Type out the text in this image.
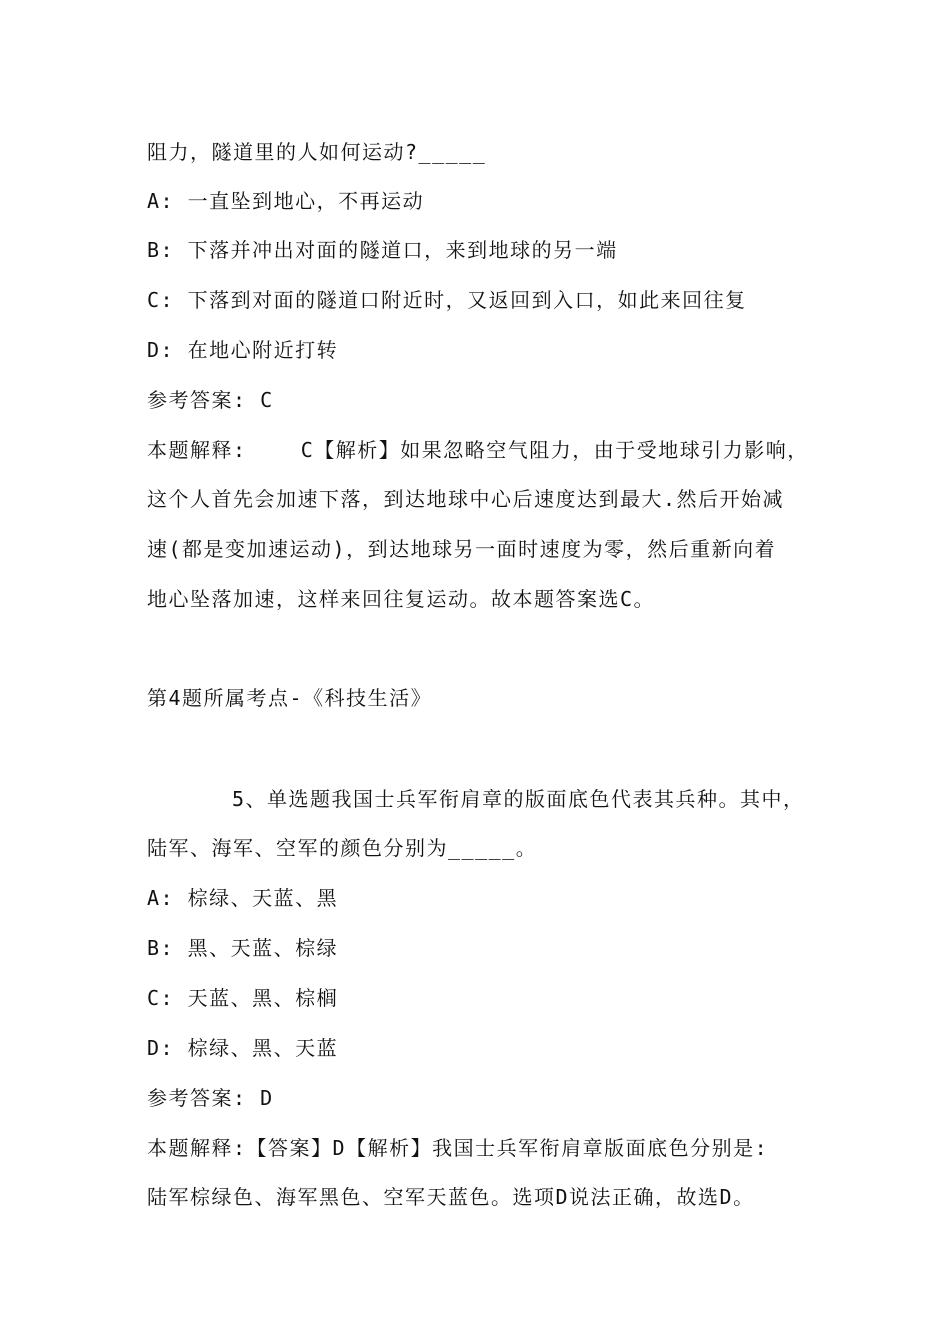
阻力，隧道里的人如何运动?_____
A: 一直坠到地心，不再运动
B: 下落并冲出对面的隧道口，来到地球的另一端
C: 下落到对面的隧道口附近时，又返回到入口，如此来回往复
D: 在地心附近打转
参考答案: C
本题解释:    C【解析】如果忽略空气阻力，由于受地球引力影响，
这个人首先会加速下落，到达地球中心后速度达到最大.然后开始减
速(都是变加速运动)，到达地球另一面时速度为零，然后重新向着
地心坠落加速，这样来回往复运动。故本题答案选C。
第4题所属考点-《科技生活》
5、单选题我国士兵军衔肩章的版面底色代表其兵种。其中，
陆军、海军、空军的颜色分别为_____。
A: 棕绿、天蓝、黑
B: 黑、天蓝、棕绿
C: 天蓝、黑、棕榈
D: 棕绿、黑、天蓝
参考答案: D
本题解释:【答案】D【解析】我国士兵军衔肩章版面底色分别是:
陆军棕绿色、海军黑色、空军天蓝色。选项D说法正确，故选D。
